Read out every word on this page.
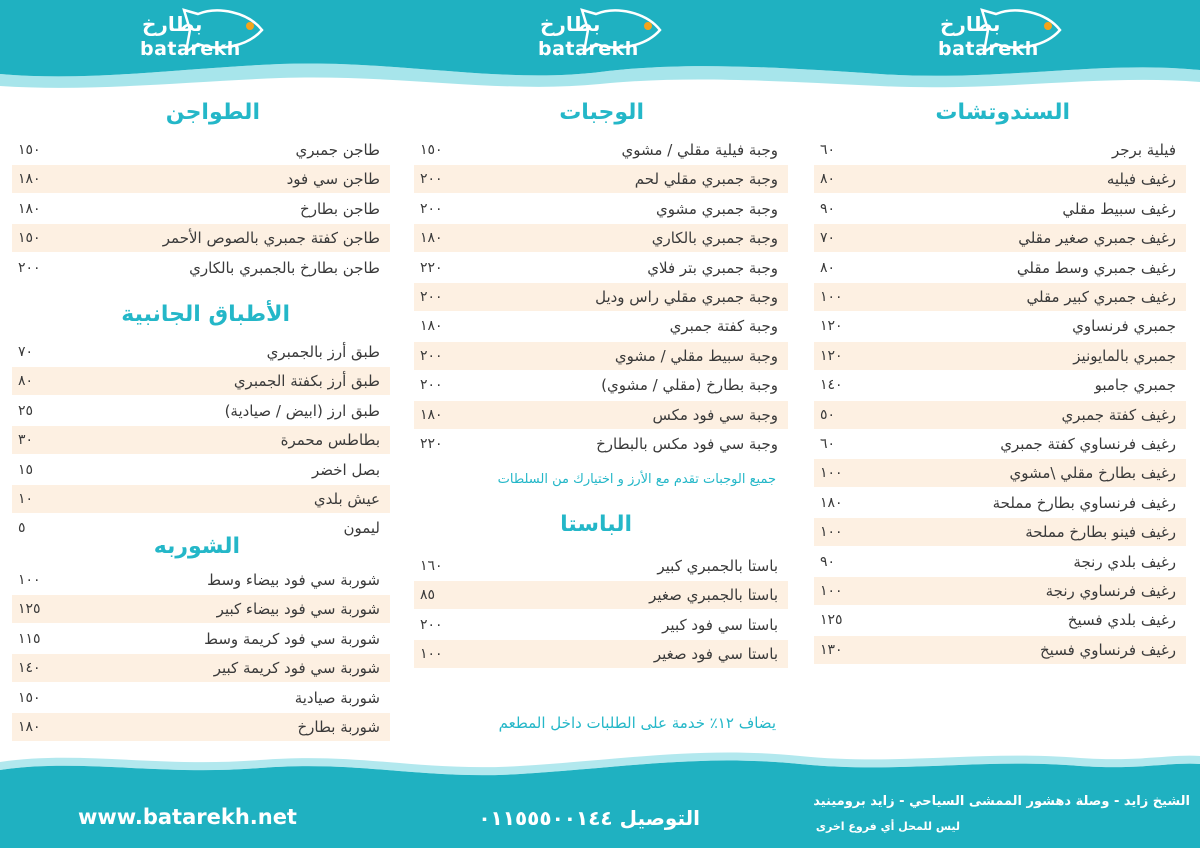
بطارخ
batarekh
بطارخ
batarekh
بطارخ
batarekh
السندوتشات
الوجبات
الباستا
الطواجن
الأطباق الجانبية
الشوربه
فيلية برجر
٦٠
رغيف فيليه
٨٠
رغيف سبيط مقلي
٩٠
رغيف جمبري صغير مقلي
٧٠
رغيف جمبري وسط مقلي
٨٠
رغيف جمبري كبير مقلي
١٠٠
جمبري فرنساوي
١٢٠
جمبري بالمايونيز
١٢٠
جمبري جامبو
١٤٠
رغيف كفتة جمبري
٥٠
رغيف فرنساوي كفتة جمبري
٦٠
رغيف بطارخ مقلي \مشوي
١٠٠
رغيف فرنساوي بطارخ مملحة
١٨٠
رغيف فينو بطارخ مملحة
١٠٠
رغيف بلدي رنجة
٩٠
رغيف فرنساوي رنجة
١٠٠
رغيف بلدي فسيخ
١٢٥
رغيف فرنساوي فسيخ
١٣٠
وجبة فيلية مقلي / مشوي
١٥٠
وجبة جمبري مقلي لحم
٢٠٠
وجبة جمبري مشوي
٢٠٠
وجبة جمبري بالكاري
١٨٠
وجبة جمبري بتر فلاي
٢٢٠
وجبة جمبري مقلي راس وديل
٢٠٠
وجبة كفتة جمبري
١٨٠
وجبة سبيط مقلي / مشوي
٢٠٠
وجبة بطارخ (مقلي / مشوي)
٢٠٠
وجبة سي فود مكس
١٨٠
وجبة سي فود مكس بالبطارخ
٢٢٠
باستا بالجمبري كبير
١٦٠
باستا بالجمبري صغير
٨٥
باستا سي فود كبير
٢٠٠
باستا سي فود صغير
١٠٠
طاجن جمبري
١٥٠
طاجن سي فود
١٨٠
طاجن بطارخ
١٨٠
طاجن كفتة جمبري بالصوص الأحمر
١٥٠
طاجن بطارخ بالجمبري بالكاري
٢٠٠
طبق أرز بالجمبري
٧٠
طبق أرز بكفتة الجمبري
٨٠
طبق ارز (ابيض / صيادية)
٢٥
بطاطس محمرة
٣٠
بصل اخضر
١٥
عيش بلدي
١٠
ليمون
٥
شوربة سي فود بيضاء وسط
١٠٠
شوربة سي فود بيضاء كبير
١٢٥
شوربة سي فود كريمة وسط
١١٥
شوربة سي فود كريمة كبير
١٤٠
شوربة صيادية
١٥٠
شوربة بطارخ
١٨٠
جميع الوجبات تقدم مع الأرز و اختيارك من السلطات
يضاف ١٢٪ خدمة على الطلبات داخل المطعم
الشيخ زايد - وصلة دهشور الممشى السياحي - زايد برومينيد
ليس للمحل أي فروع اخرى
التوصيل ٠١١٥٥٥٠٠١٤٤
www.batarekh.net
